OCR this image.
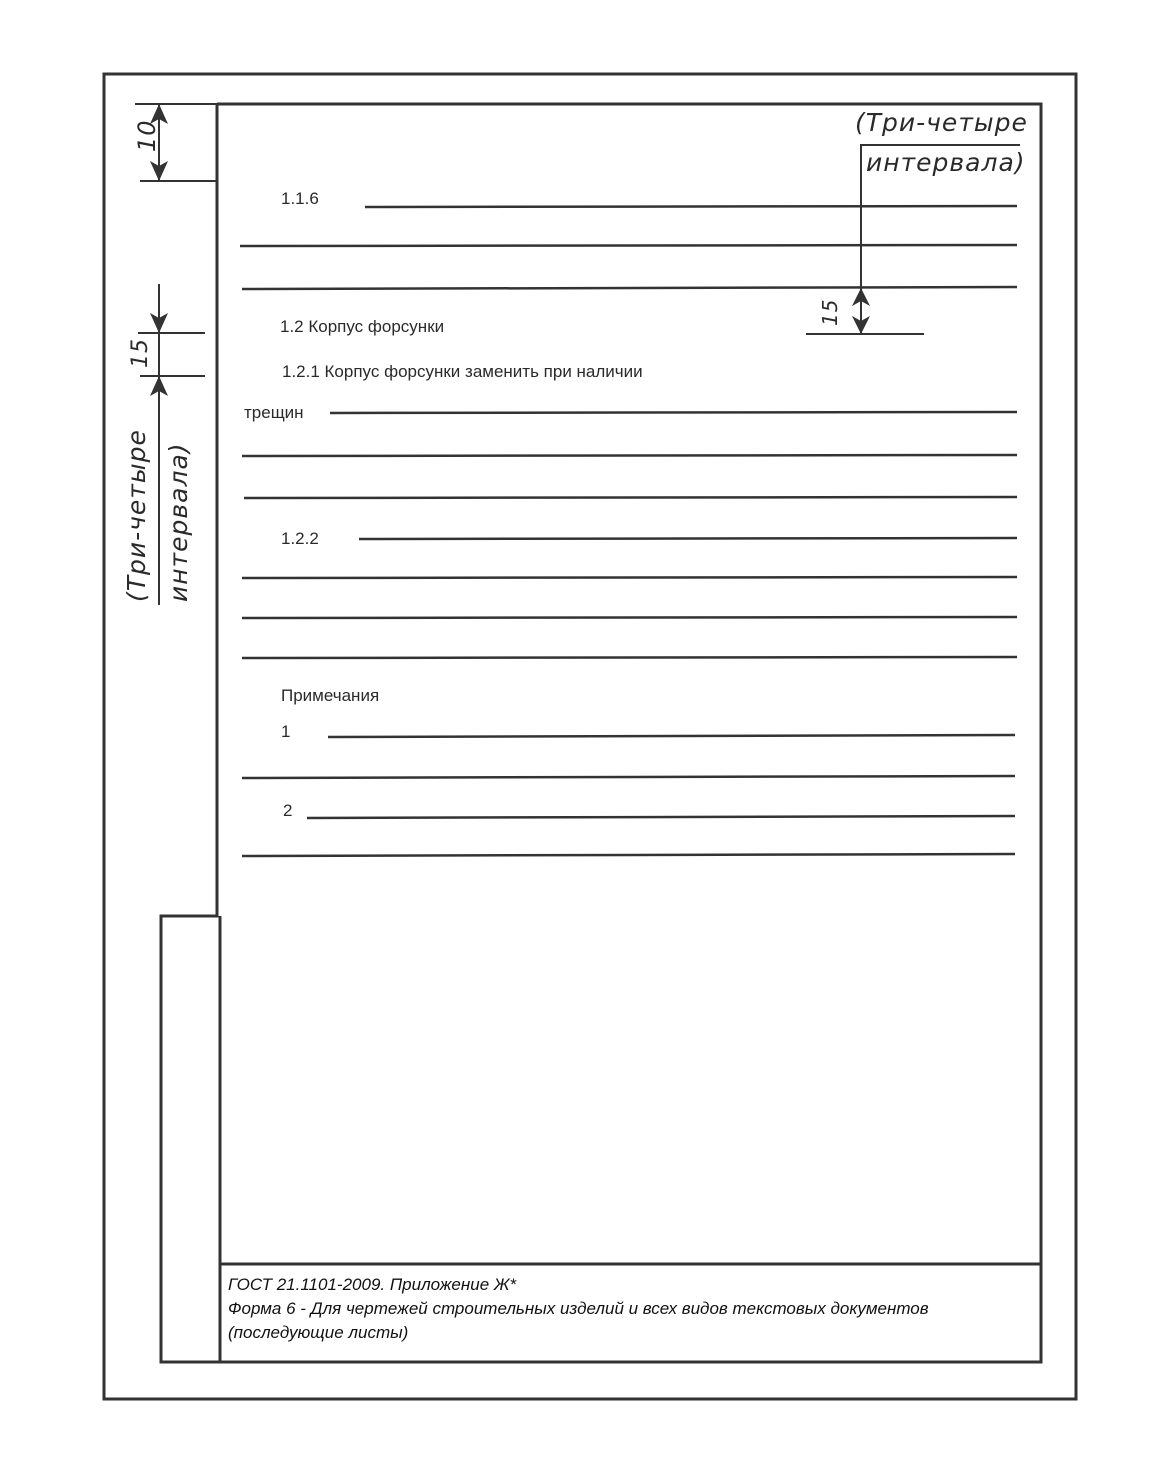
1.1.6
1.2 Корпус форсунки
1.2.1 Корпус форсунки заменить при наличии
трещин
1.2.2
Примечания
1
2
(Три-четыре
интервала)
15
10
15
(Три-четыре интервала)
ГОСТ 21.1101-2009. Приложение Ж*
Форма 6 - Для чертежей строительных изделий и всех видов текстовых документов
(последующие листы)
